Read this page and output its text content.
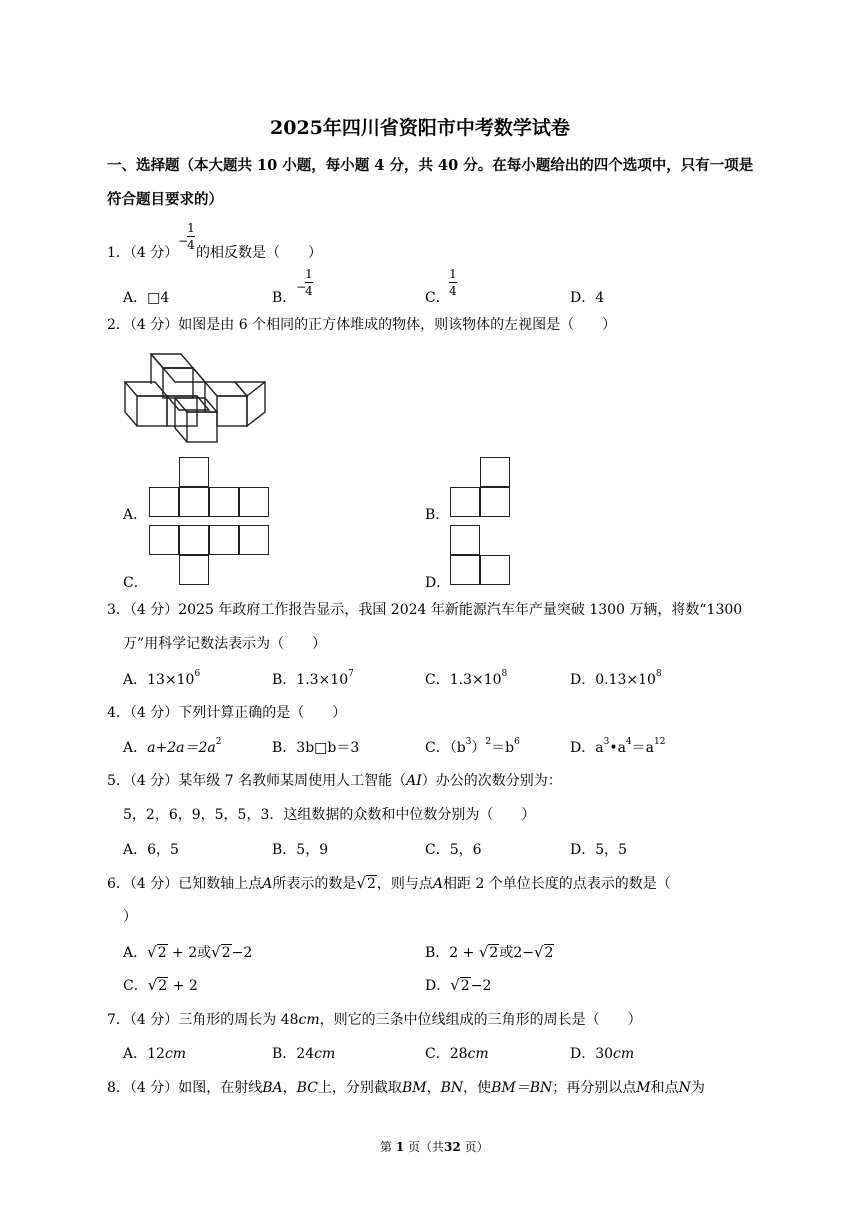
2025年四川省资阳市中考数学试卷
一、选择题（本大题共 10 小题，每小题 4 分，共 40 分。在每小题给出的四个选项中，只有一项是
符合题目要求的）
1．（4 分）
−
1
4 的相反数是（　　）
A．□4	B．
−
1
4	C．
1
4	D．4
2．（4 分）如图是由 6 个相同的正方体堆成的物体，则该物体的左视图是（　　）
A．	B．
C．	D．
3．（4 分）2025 年政府工作报告显示，我国 2024 年新能源汽车年产量突破 1300 万辆，将数“1300
万”用科学记数法表示为（　　）
A．$13\times 10^6$	B．$1.3\times 10^7$	C．$1.3\times 10^8$	D．$0.13\times 10^8$
4．（4 分）下列计算正确的是（　　）
A．$a+2a=2a^2$	B．3b□b＝3	C．$(b^3)^2=b^6$	D．$a^3•a^4=a^{12}$
5．（4 分）某年级 7 名教师某周使用人工智能（AI）办公的次数分别为：
5，2，6，9，5，5，3．这组数据的众数和中位数分别为（　　）
A．6，5	B．5，9	C．5，6	D．5，5
6．（4 分）已知数轴上点A所表示的数是√2，则与点A相距 2 个单位长度的点表示的数是（
）
A．√2 + 2或√2−2	B．2 + √2或2−√2
C．√2 + 2	D．√2−2
7．（4 分）三角形的周长为 48cm，则它的三条中位线组成的三角形的周长是（　　）
A．12cm	B．24cm	C．28cm	D．30cm
8．（4 分）如图，在射线BA，BC上，分别截取BM，BN，使BM＝BN；再分别以点M和点N为
第 1 页（共32 页）
